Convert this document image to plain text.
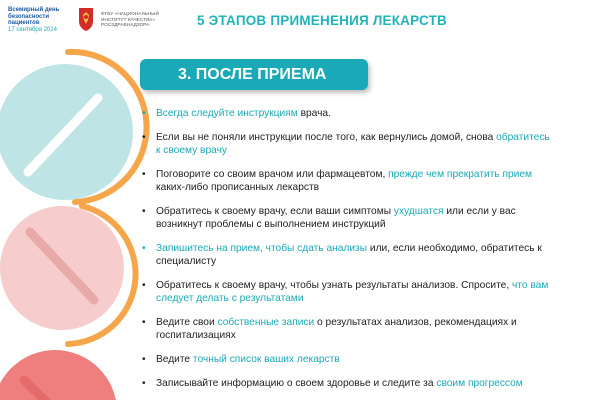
Всемирный день
безопасности
пациентов
17 сентября 2024
ФГБУ «НАЦИОНАЛЬНЫЙ
ИНСТИТУТ КАЧЕСТВА»
РОСЗДРАВНАДЗОРА	5 ЭТАПОВ ПРИМЕНЕНИЯ ЛЕКАРСТВ
3. ПОСЛЕ ПРИЕМА
• Всегда следуйте инструкциям врача.
• Если вы не поняли инструкции после того, как вернулись домой, снова обратитесь
к своему врачу
• Поговорите со своим врачом или фармацевтом, прежде чем прекратить прием
каких-либо прописанных лекарств
• Обратитесь к своему врачу, если ваши симптомы ухудшатся или если у вас
возникнут проблемы с выполнением инструкций
• Запишитесь на прием, чтобы сдать анализы или, если необходимо, обратитесь к
специалисту
• Обратитесь к своему врачу, чтобы узнать результаты анализов. Спросите, что вам
следует делать с результатами
• Ведите свои собственные записи о результатах анализов, рекомендациях и
госпитализациях
• Ведите точный список ваших лекарств
• Записывайте информацию о своем здоровье и следите за своим прогрессом
